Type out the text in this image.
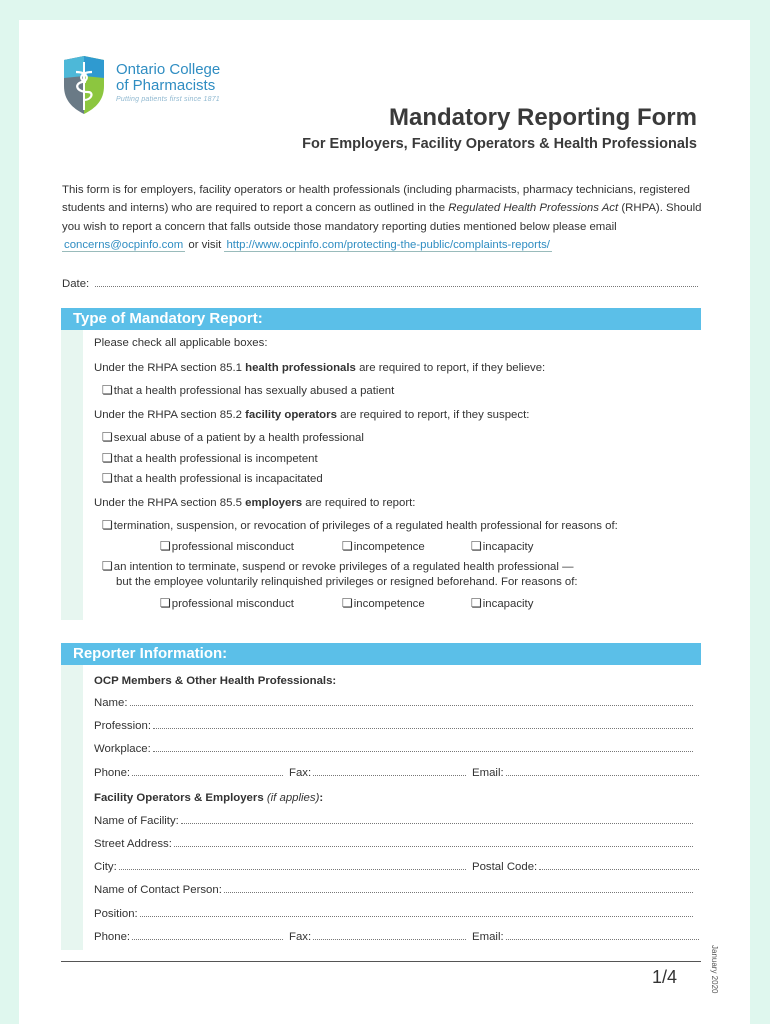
Ontario College
of Pharmacists
Putting patients first since 1871
Mandatory Reporting Form
For Employers, Facility Operators & Health Professionals
This form is for employers, facility operators or health professionals (including pharmacists, pharmacy technicians, registered students and interns) who are required to report a concern as outlined in the Regulated Health Professions Act (RHPA). Should you wish to report a concern that falls outside those mandatory reporting duties mentioned below please email concerns@ocpinfo.com or visit http://www.ocpinfo.com/protecting-the-public/complaints-reports/
Date:
Type of Mandatory Report:
Please check all applicable boxes:
Under the RHPA section 85.1 health professionals are required to report, if they believe:
❏that a health professional has sexually abused a patient
Under the RHPA section 85.2 facility operators are required to report, if they suspect:
❏sexual abuse of a patient by a health professional
❏that a health professional is incompetent
❏that a health professional is incapacitated
Under the RHPA section 85.5 employers are required to report:
❏termination, suspension, or revocation of privileges of a regulated health professional for reasons of:
❏professional misconduct	❏incompetence	❏incapacity
❏an intention to terminate, suspend or revoke privileges of a regulated health professional —
but the employee voluntarily relinquished privileges or resigned beforehand. For reasons of:
❏professional misconduct	❏incompetence	❏incapacity
Reporter Information:
OCP Members & Other Health Professionals:
Name:
Profession:
Workplace:
Phone:	Fax:	Email:
Facility Operators & Employers (if applies):
Name of Facility:
Street Address:
City:	Postal Code:
Name of Contact Person:
Position:
Phone:	Fax:	Email:
1/4	January 2020
